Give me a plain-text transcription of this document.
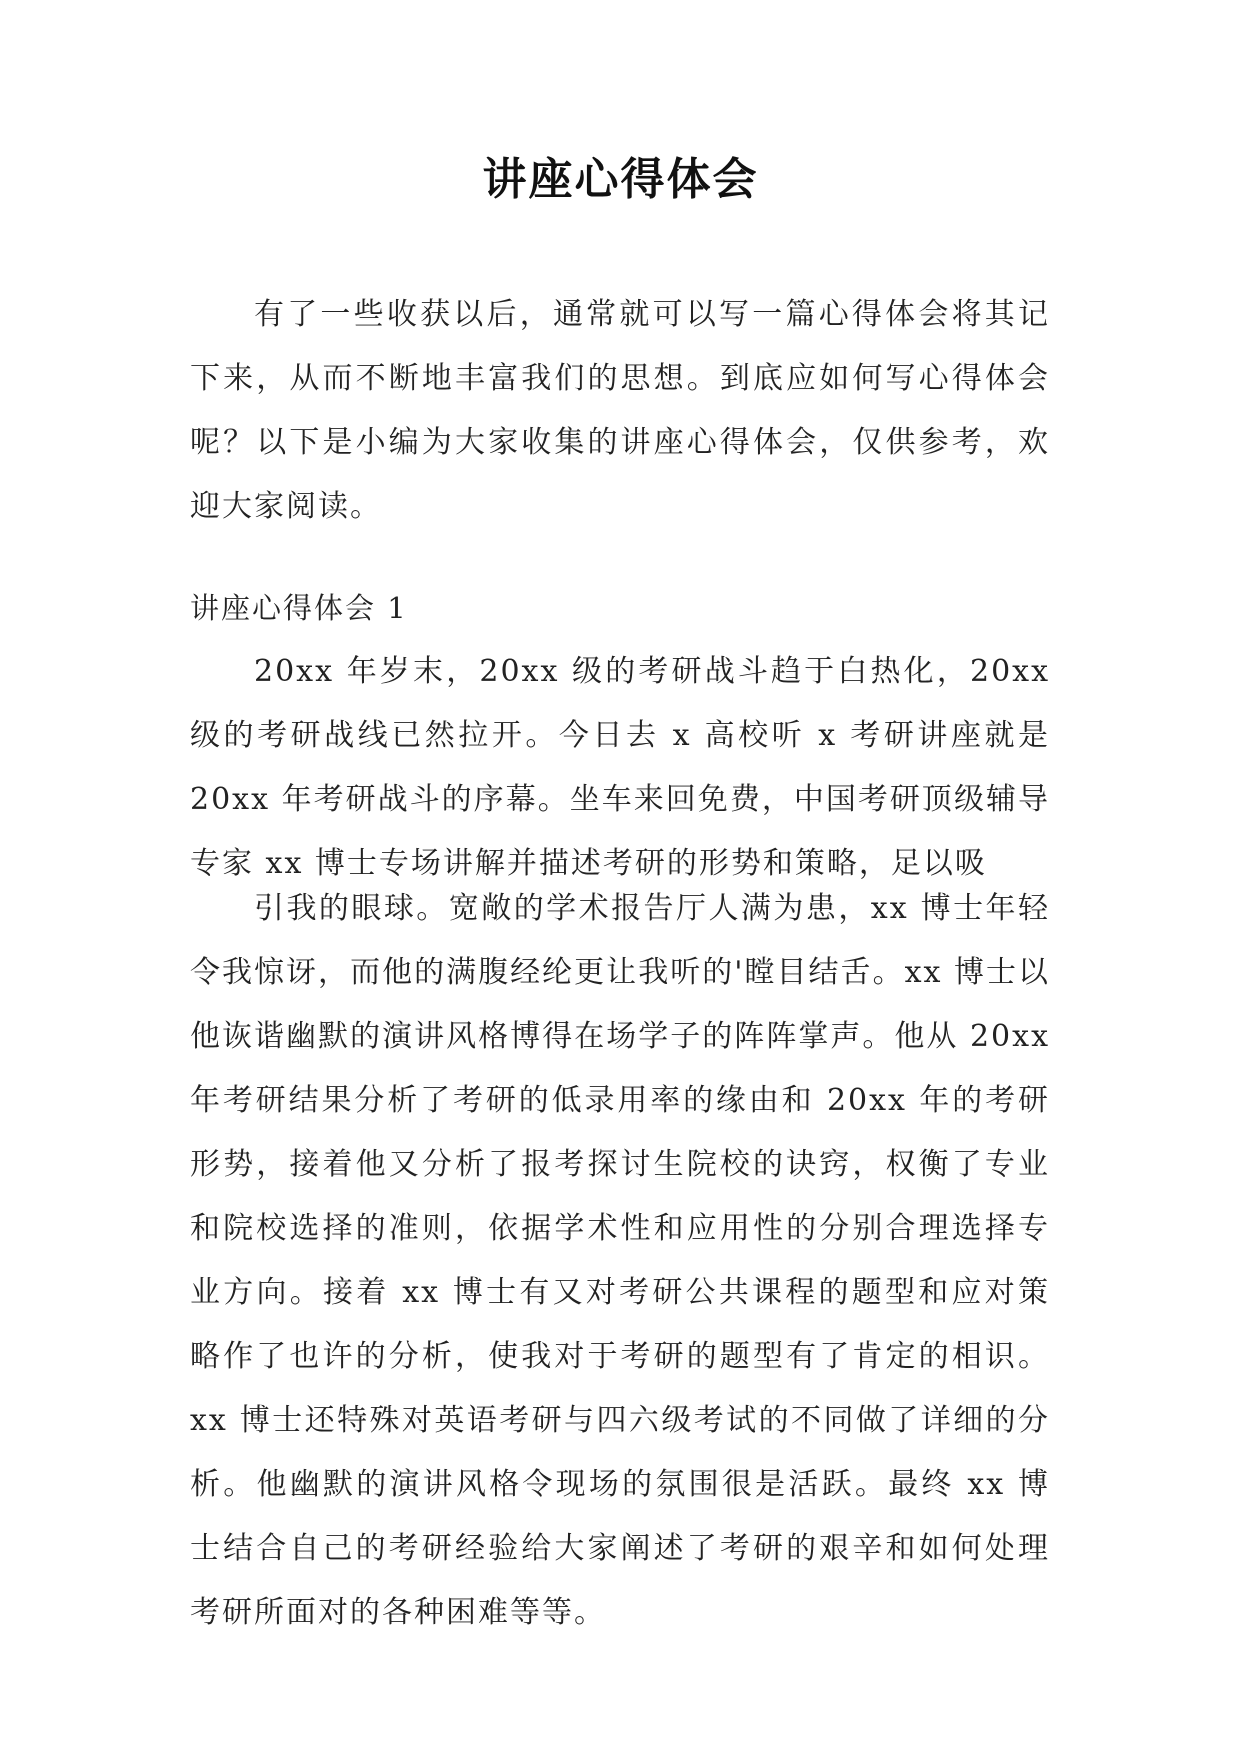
讲座心得体会

有了一些收获以后，通常就可以写一篇心得体会将其记下来，从而不断地丰富我们的思想。到底应如何写心得体会呢？以下是小编为大家收集的讲座心得体会，仅供参考，欢迎大家阅读。

讲座心得体会 1

20xx 年岁末，20xx 级的考研战斗趋于白热化，20xx 级的考研战线已然拉开。今日去 x 高校听 x 考研讲座就是 20xx 年考研战斗的序幕。坐车来回免费，中国考研顶级辅导专家 xx 博士专场讲解并描述考研的形势和策略，足以吸

引我的眼球。宽敞的学术报告厅人满为患，xx 博士年轻令我惊讶，而他的满腹经纶更让我听的'瞠目结舌。xx 博士以他诙谐幽默的演讲风格博得在场学子的阵阵掌声。他从 20xx 年考研结果分析了考研的低录用率的缘由和 20xx 年的考研形势，接着他又分析了报考探讨生院校的诀窍，权衡了专业和院校选择的准则，依据学术性和应用性的分别合理选择专业方向。接着 xx 博士有又对考研公共课程的题型和应对策略作了也许的分析，使我对于考研的题型有了肯定的相识。xx 博士还特殊对英语考研与四六级考试的不同做了详细的分析。他幽默的演讲风格令现场的氛围很是活跃。最终 xx 博士结合自己的考研经验给大家阐述了考研的艰辛和如何处理考研所面对的各种困难等等。
